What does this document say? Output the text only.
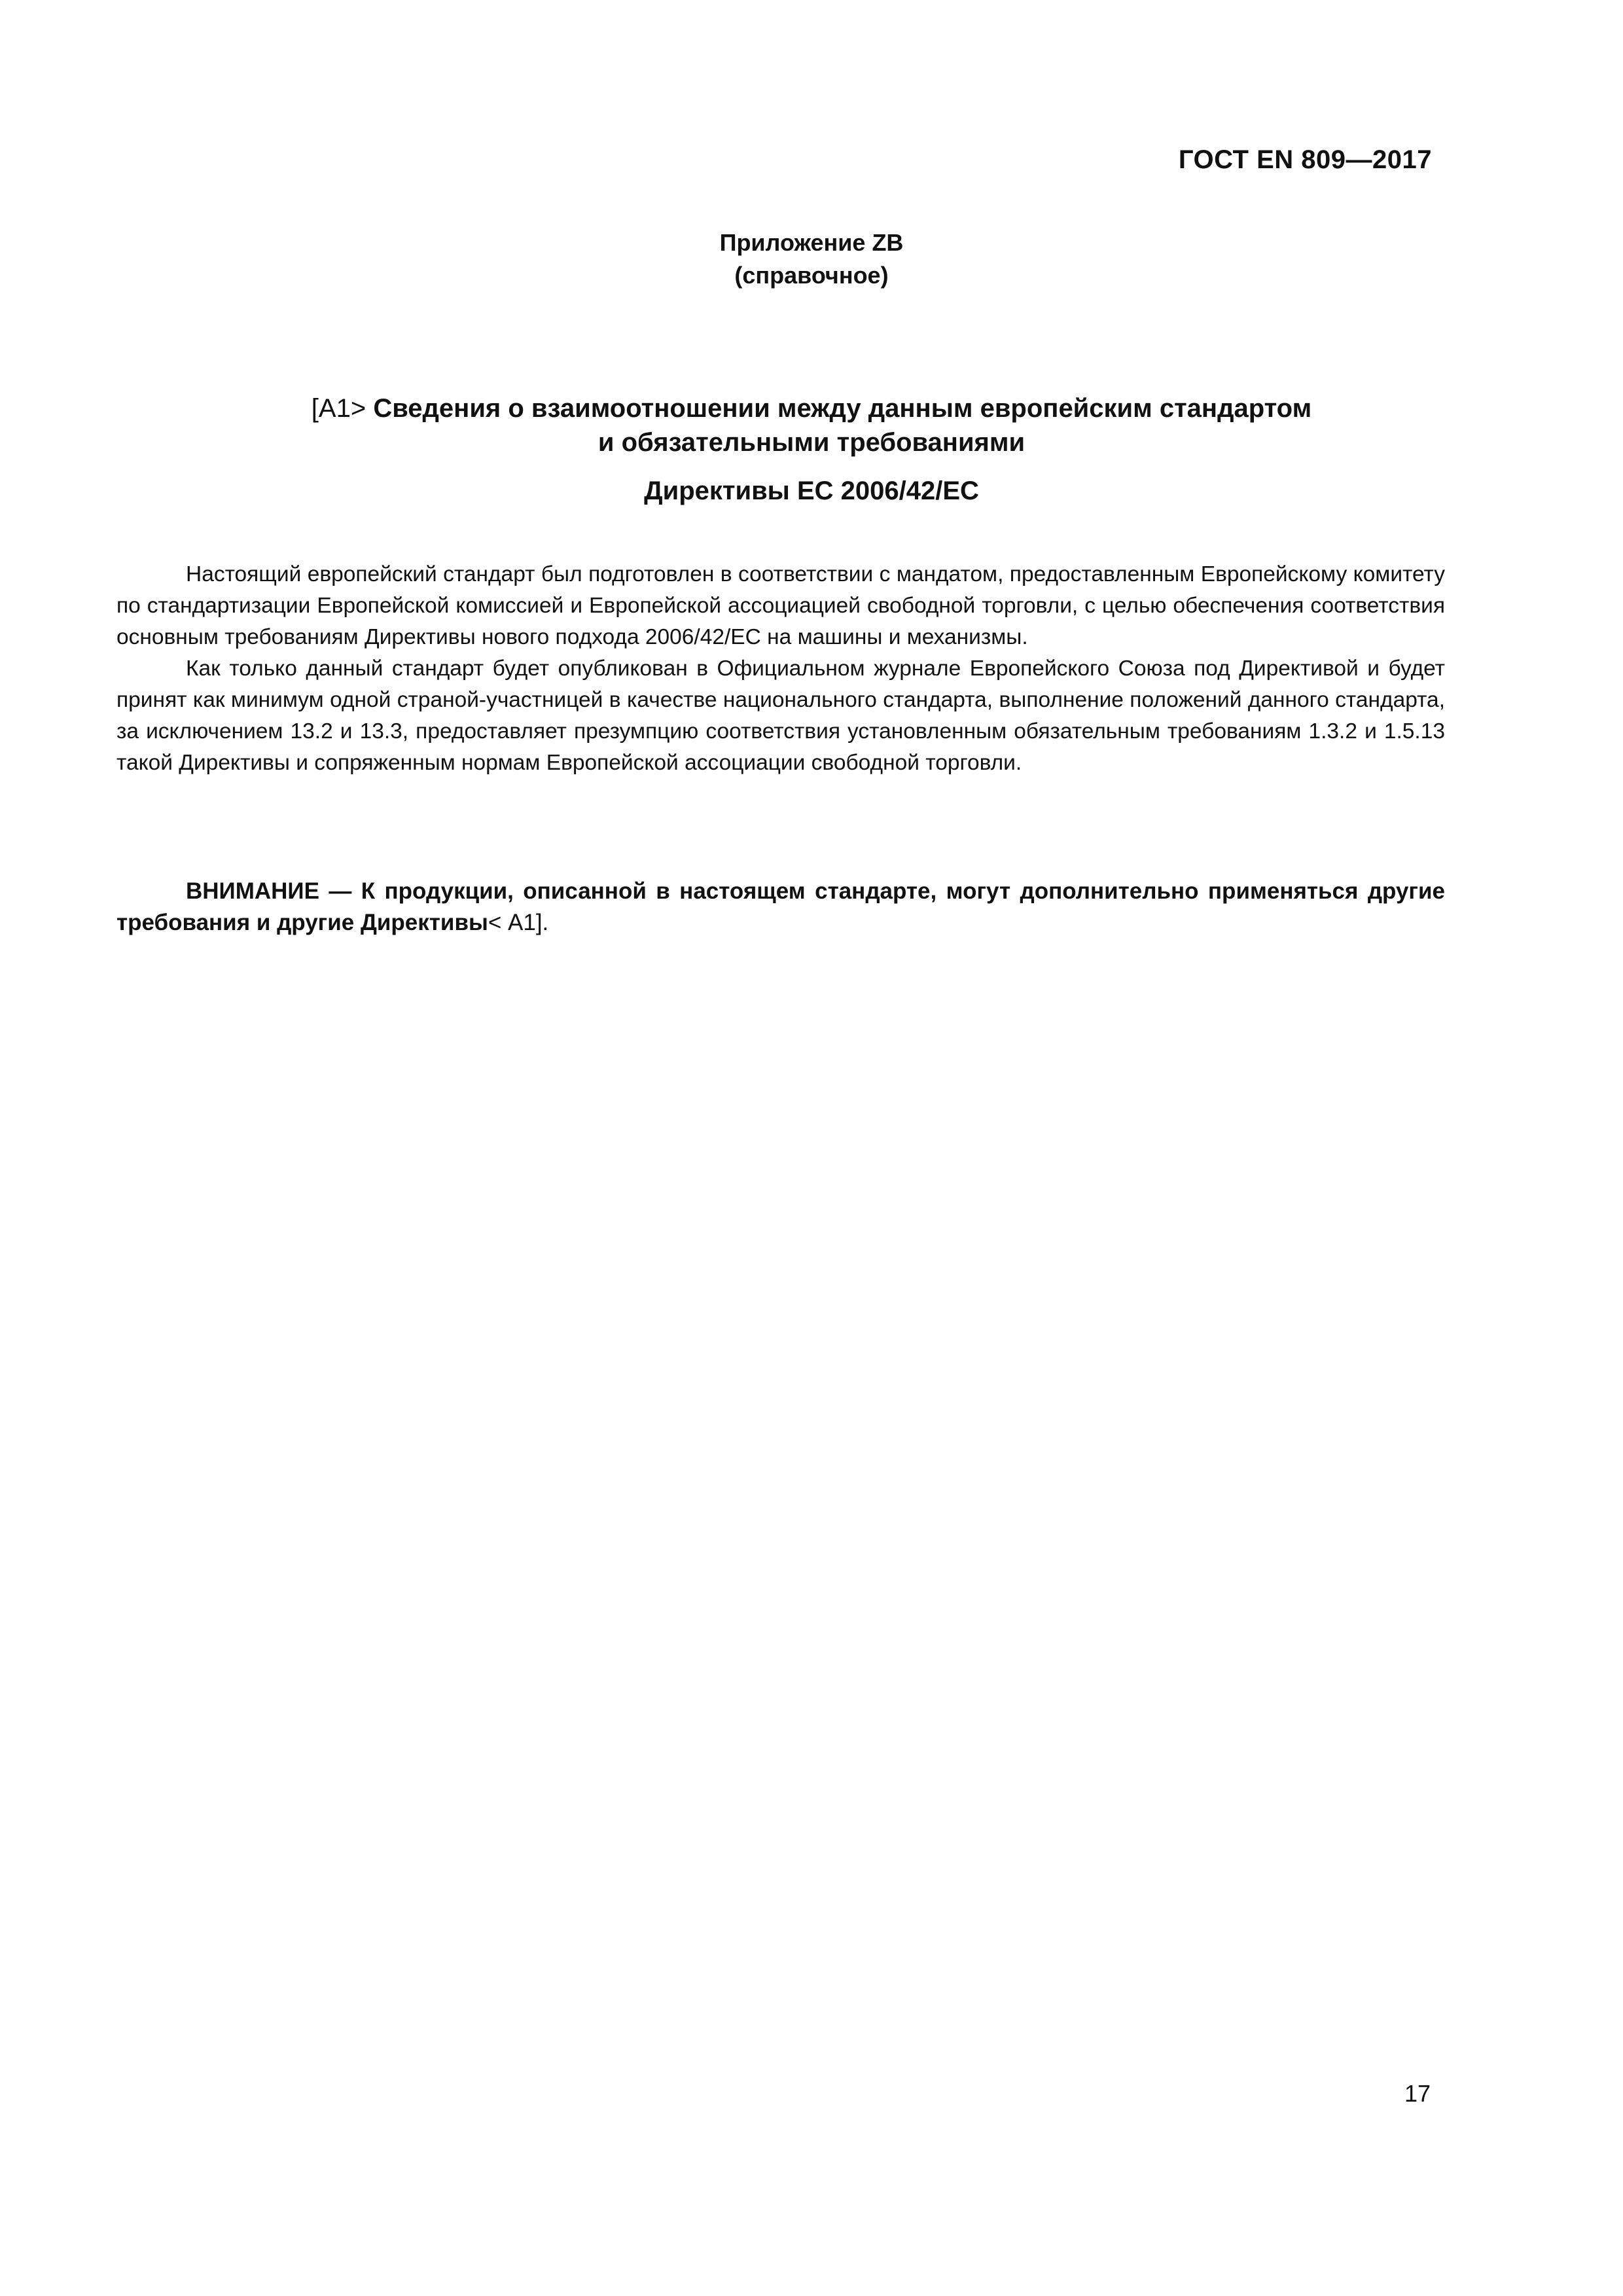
ГОСТ EN 809—2017
Приложение ZB
(справочное)
[A1> Сведения о взаимоотношении между данным европейским стандартом
и обязательными требованиями
Директивы ЕС 2006/42/ЕС

Настоящий европейский стандарт был подготовлен в соответствии с мандатом, предоставленным Европейскому комитету по стандартизации Европейской комиссией и Европейской ассоциацией свободной торговли, с целью обеспечения соответствия основным требованиям Директивы нового подхода 2006/42/ЕС на машины и механизмы.

Как только данный стандарт будет опубликован в Официальном журнале Европейского Союза под Директивой и будет принят как минимум одной страной-участницей в качестве национального стандарта, выполнение положений данного стандарта, за исключением 13.2 и 13.3, предоставляет презумпцию соответствия установленным обязательным требованиям 1.3.2 и 1.5.13 такой Директивы и сопряженным нормам Европейской ассоциации свободной торговли.

ВНИМАНИЕ — К продукции, описанной в настоящем стандарте, могут дополнительно применяться другие требования и другие Директивы< A1].
17
